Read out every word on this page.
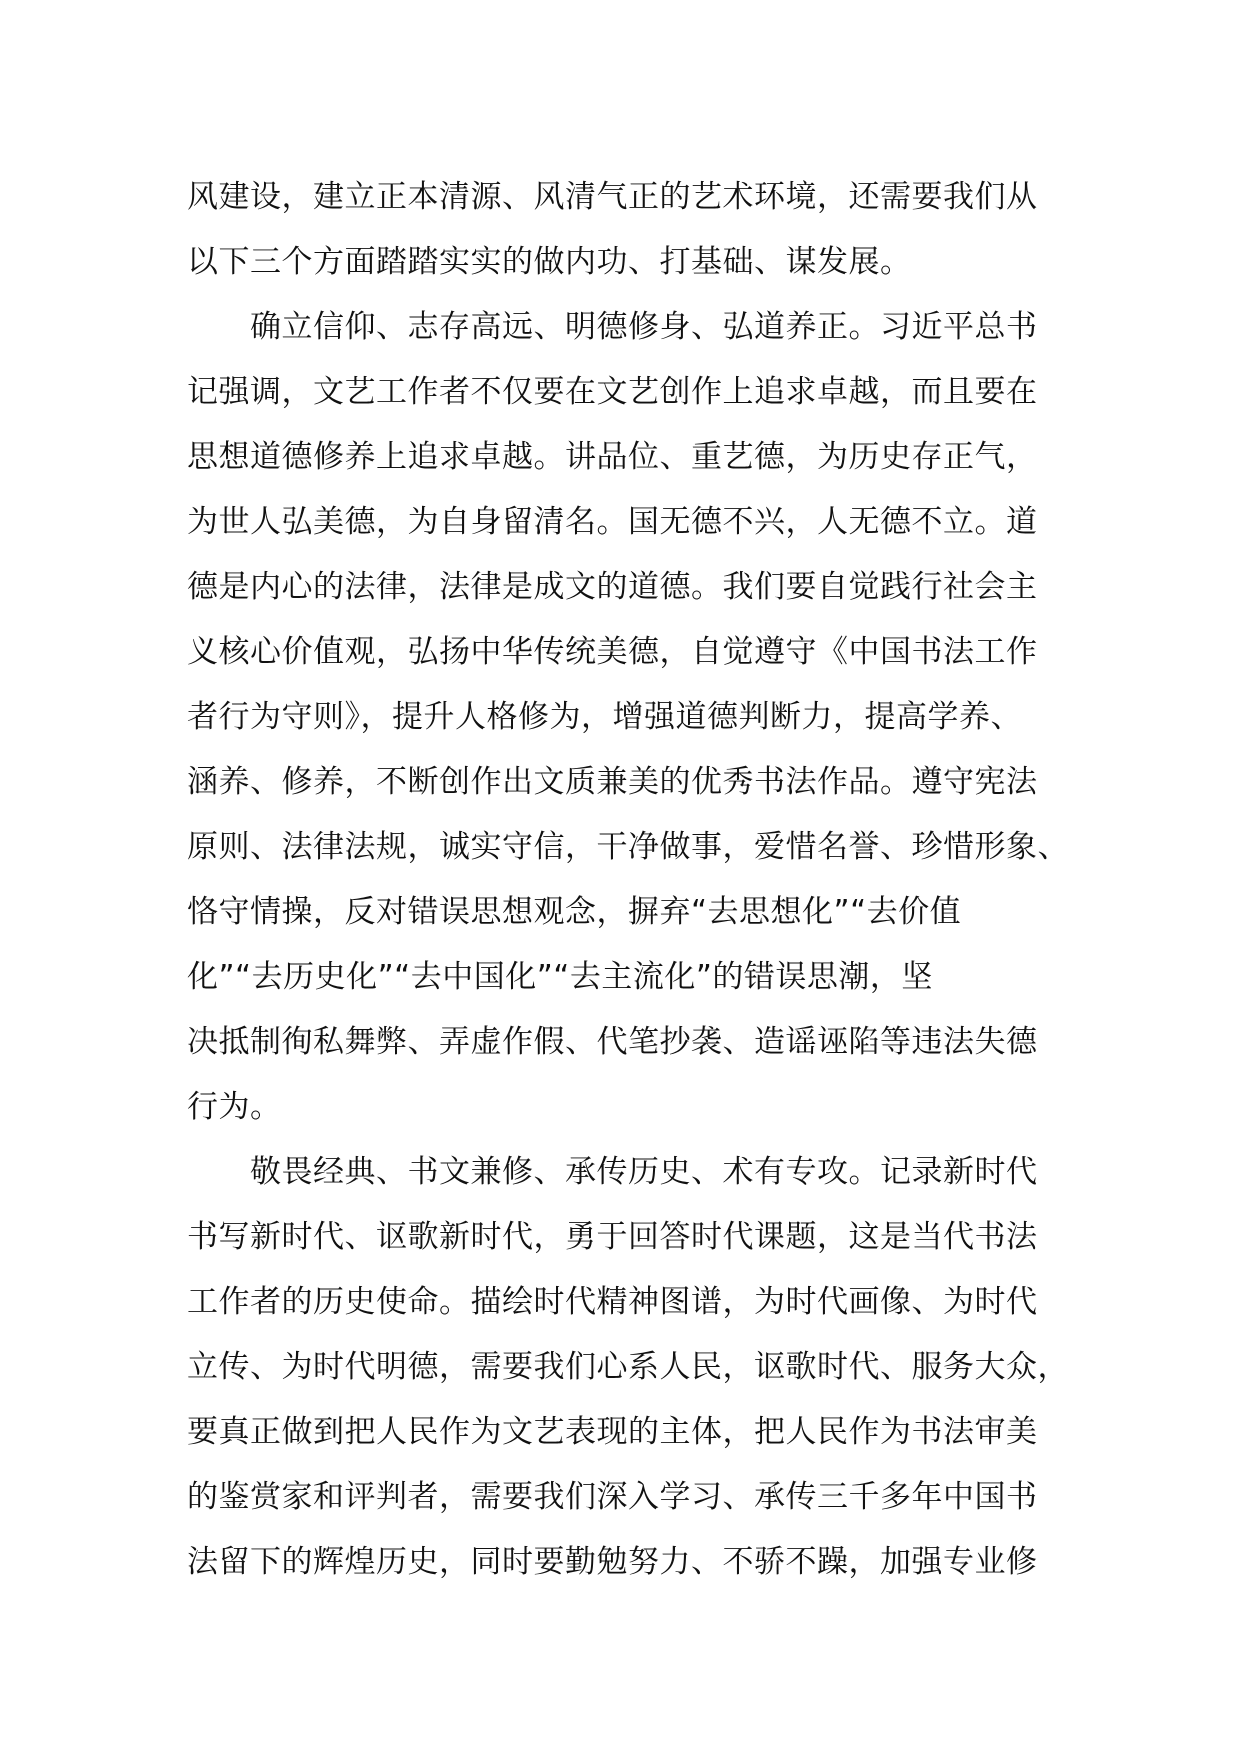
风建设，建立正本清源、风清气正的艺术环境，还需要我们从
以下三个方面踏踏实实的做内功、打基础、谋发展。
确立信仰、志存高远、明德修身、弘道养正。习近平总书
记强调，文艺工作者不仅要在文艺创作上追求卓越，而且要在
思想道德修养上追求卓越。讲品位、重艺德，为历史存正气，
为世人弘美德，为自身留清名。国无德不兴，人无德不立。道
德是内心的法律，法律是成文的道德。我们要自觉践行社会主
义核心价值观，弘扬中华传统美德，自觉遵守《中国书法工作
者行为守则》，提升人格修为，增强道德判断力，提高学养、
涵养、修养，不断创作出文质兼美的优秀书法作品。遵守宪法
原则、法律法规，诚实守信，干净做事，爱惜名誉、珍惜形象、
恪守情操，反对错误思想观念，摒弃“去思想化”“去价值
化”“去历史化”“去中国化”“去主流化”的错误思潮，坚
决抵制徇私舞弊、弄虚作假、代笔抄袭、造谣诬陷等违法失德
行为。
敬畏经典、书文兼修、承传历史、术有专攻。记录新时代
书写新时代、讴歌新时代，勇于回答时代课题，这是当代书法
工作者的历史使命。描绘时代精神图谱，为时代画像、为时代
立传、为时代明德，需要我们心系人民，讴歌时代、服务大众，
要真正做到把人民作为文艺表现的主体，把人民作为书法审美
的鉴赏家和评判者，需要我们深入学习、承传三千多年中国书
法留下的辉煌历史，同时要勤勉努力、不骄不躁，加强专业修
